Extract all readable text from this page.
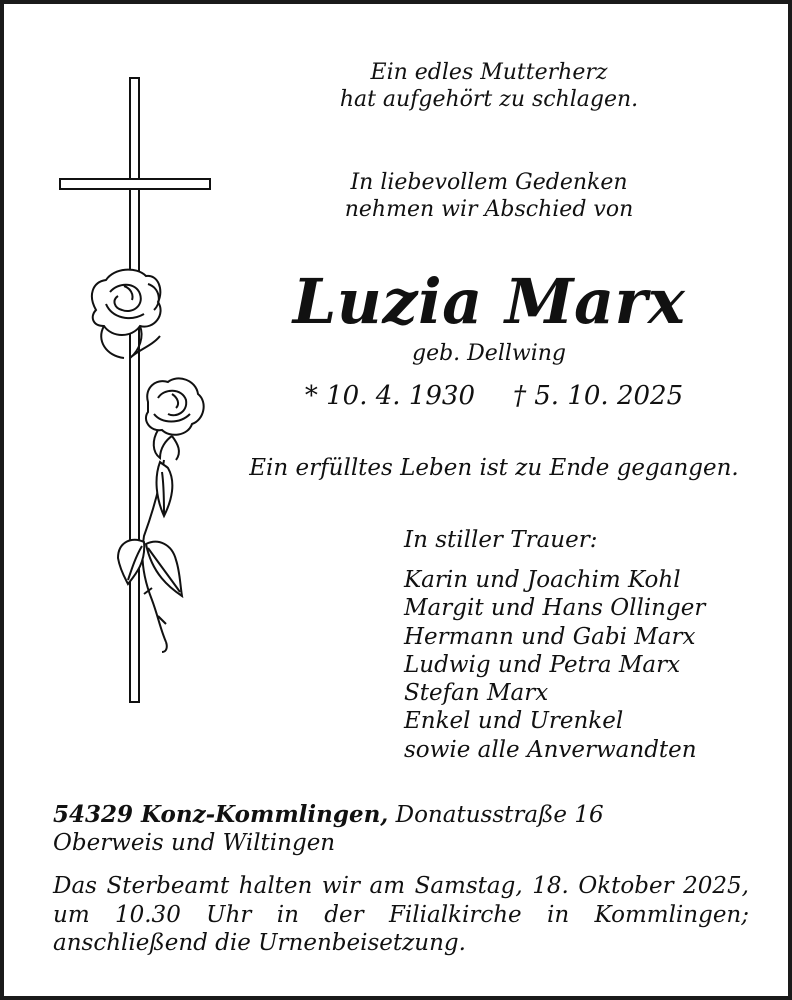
Ein edles Mutterherz

hat aufgehört zu schlagen.

In liebevollem Gedenken

nehmen wir Abschied von

Luzia Marx

geb. Dellwing

* 10. 4. 1930 † 5. 10. 2025

Ein erfülltes Leben ist zu Ende gegangen.

In stiller Trauer:

Karin und Joachim Kohl
Margit und Hans Ollinger
Hermann und Gabi Marx
Ludwig und Petra Marx
Stefan Marx
Enkel und Urenkel
sowie alle Anverwandten

54329 Konz-Kommlingen, Donatusstraße 16

Oberweis und Wiltingen

Das Sterbeamt halten wir am Samstag, 18. Oktober 2025,
um 10.30 Uhr in der Filialkirche in Kommlingen;
anschließend die Urnenbeisetzung.
